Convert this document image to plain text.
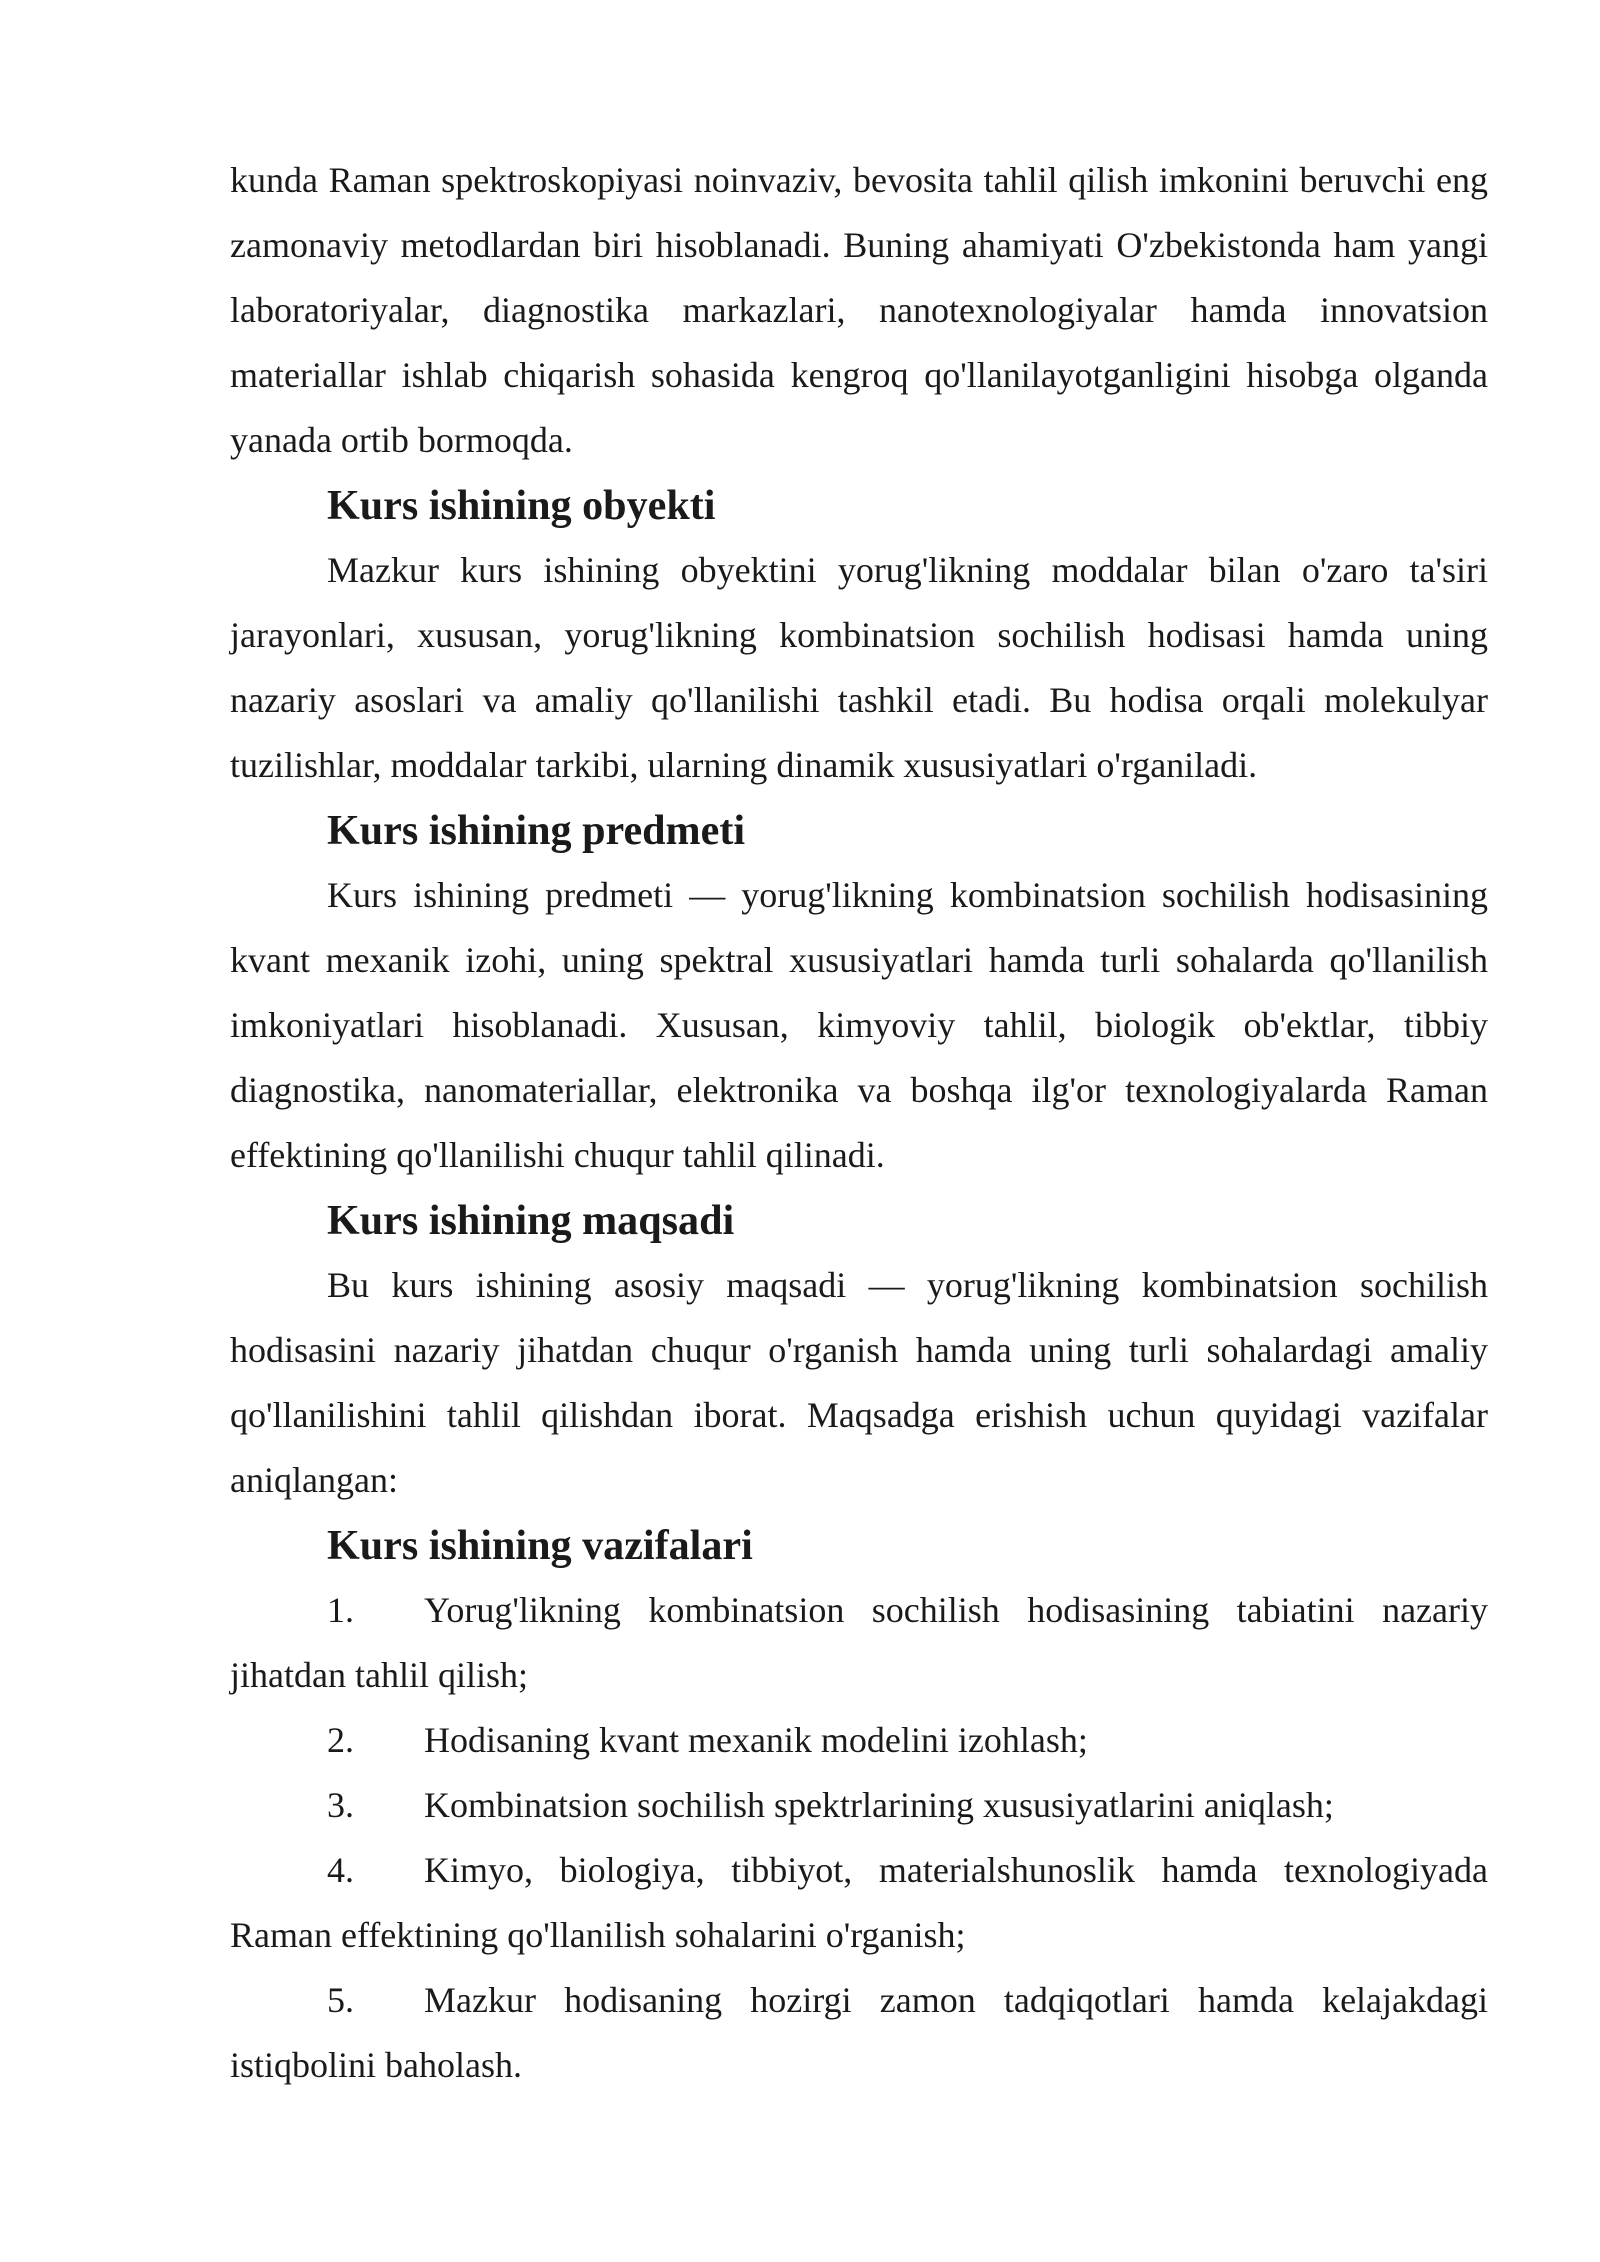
kunda Raman spektroskopiyasi noinvaziv, bevosita tahlil qilish imkonini beruvchi eng zamonaviy metodlardan biri hisoblanadi. Buning ahamiyati O'zbekistonda ham yangi laboratoriyalar, diagnostika markazlari, nanotexnologiyalar hamda innovatsion materiallar ishlab chiqarish sohasida kengroq qo'llanilayotganligini hisobga olganda yanada ortib bormoqda.

Kurs ishining obyekti

Mazkur kurs ishining obyektini yorug'likning moddalar bilan o'zaro ta'siri jarayonlari, xususan, yorug'likning kombinatsion sochilish hodisasi hamda uning nazariy asoslari va amaliy qo'llanilishi tashkil etadi. Bu hodisa orqali molekulyar tuzilishlar, moddalar tarkibi, ularning dinamik xususiyatlari o'rganiladi.

Kurs ishining predmeti

Kurs ishining predmeti — yorug'likning kombinatsion sochilish hodisasining kvant mexanik izohi, uning spektral xususiyatlari hamda turli sohalarda qo'llanilish imkoniyatlari hisoblanadi. Xususan, kimyoviy tahlil, biologik ob'ektlar, tibbiy diagnostika, nanomateriallar, elektronika va boshqa ilg'or texnologiyalarda Raman effektining qo'llanilishi chuqur tahlil qilinadi.

Kurs ishining maqsadi

Bu kurs ishining asosiy maqsadi — yorug'likning kombinatsion sochilish hodisasini nazariy jihatdan chuqur o'rganish hamda uning turli sohalardagi amaliy qo'llanilishini tahlil qilishdan iborat. Maqsadga erishish uchun quyidagi vazifalar aniqlangan:

Kurs ishining vazifalari

1. Yorug'likning kombinatsion sochilish hodisasining tabiatini nazariy jihatdan tahlil qilish;

2. Hodisaning kvant mexanik modelini izohlash;

3. Kombinatsion sochilish spektrlarining xususiyatlarini aniqlash;

4. Kimyo, biologiya, tibbiyot, materialshunoslik hamda texnologiyada Raman effektining qo'llanilish sohalarini o'rganish;

5. Mazkur hodisaning hozirgi zamon tadqiqotlari hamda kelajakdagi istiqbolini baholash.
